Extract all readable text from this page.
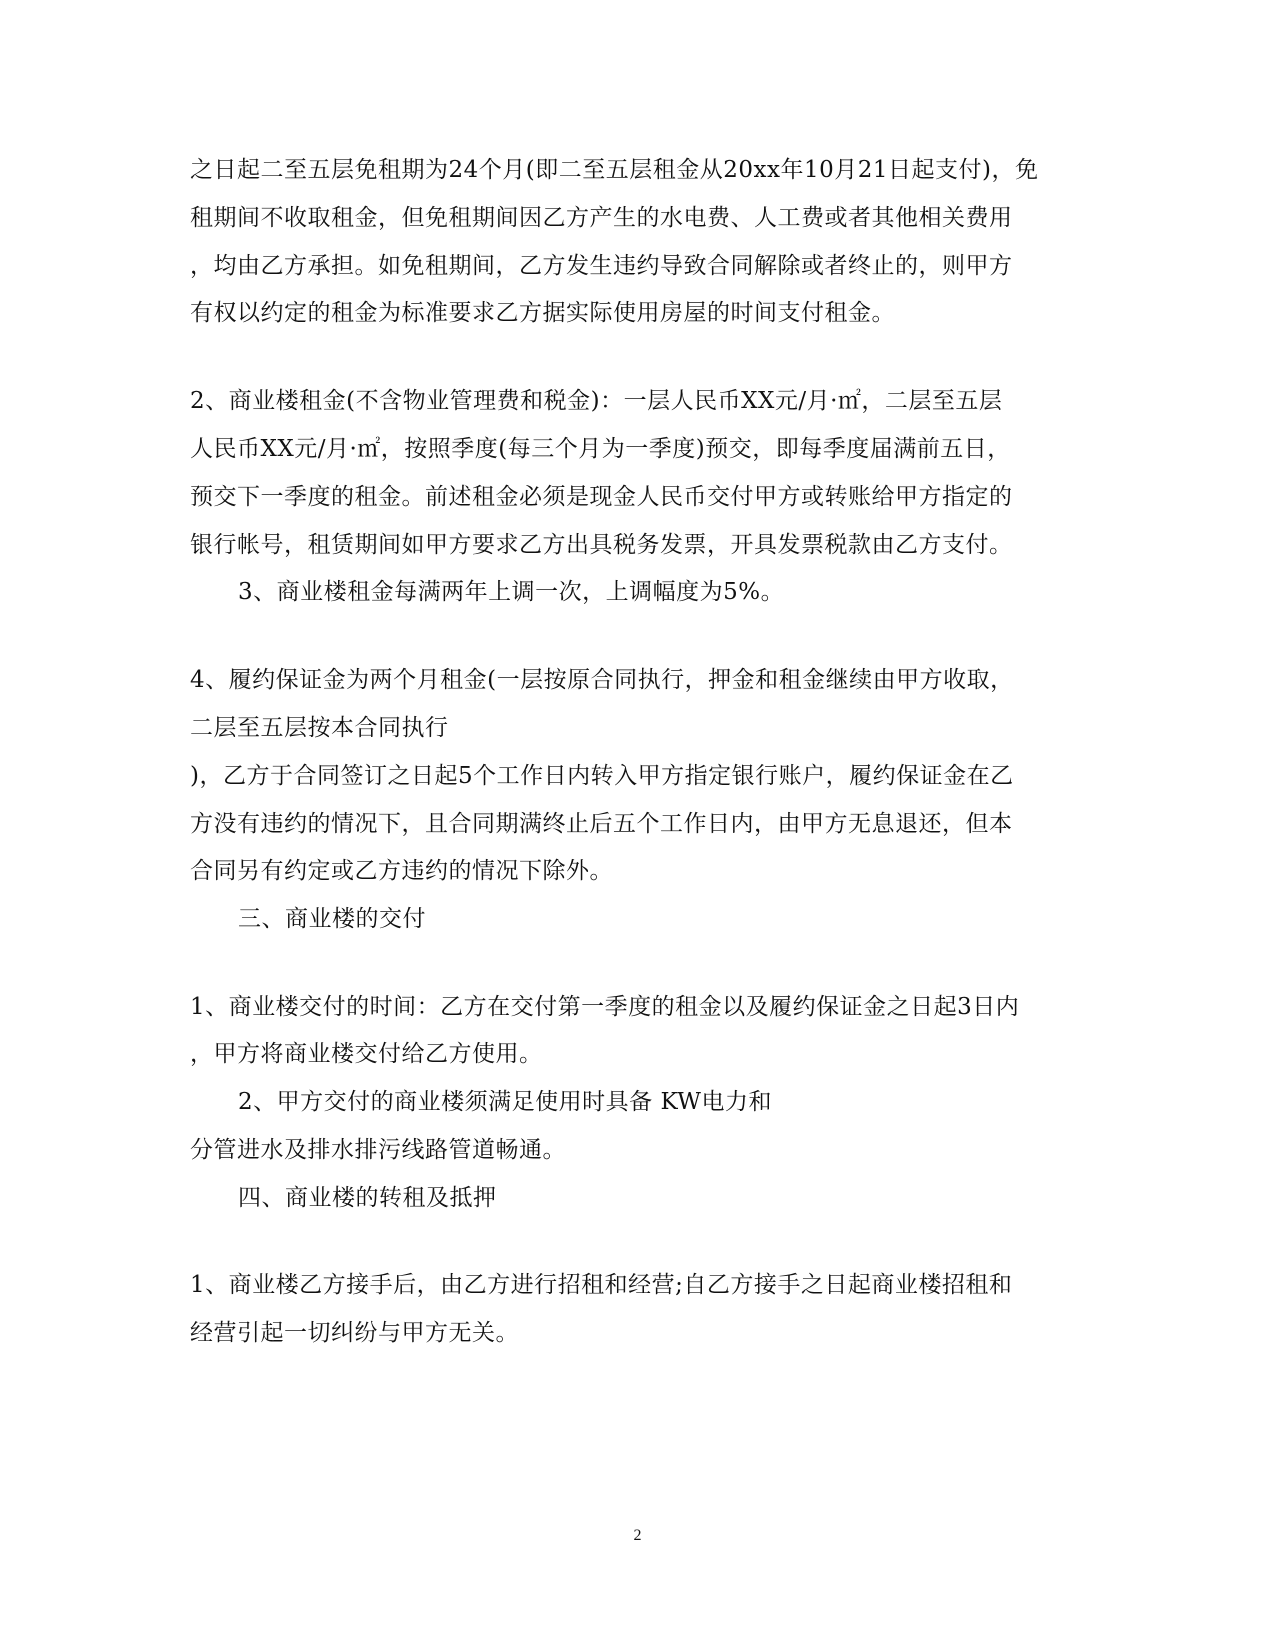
之日起二至五层免租期为24个月(即二至五层租金从20xx年10月21日起支付)，免
租期间不收取租金，但免租期间因乙方产生的水电费、人工费或者其他相关费用
，均由乙方承担。如免租期间，乙方发生违约导致合同解除或者终止的，则甲方
有权以约定的租金为标准要求乙方据实际使用房屋的时间支付租金。
2、商业楼租金(不含物业管理费和税金)：一层人民币XX元/月·㎡，二层至五层
人民币XX元/月·㎡，按照季度(每三个月为一季度)预交，即每季度届满前五日，
预交下一季度的租金。前述租金必须是现金人民币交付甲方或转账给甲方指定的
银行帐号，租赁期间如甲方要求乙方出具税务发票，开具发票税款由乙方支付。
3、商业楼租金每满两年上调一次，上调幅度为5%。
4、履约保证金为两个月租金(一层按原合同执行，押金和租金继续由甲方收取，
二层至五层按本合同执行
)，乙方于合同签订之日起5个工作日内转入甲方指定银行账户，履约保证金在乙
方没有违约的情况下，且合同期满终止后五个工作日内，由甲方无息退还，但本
合同另有约定或乙方违约的情况下除外。
三、商业楼的交付
1、商业楼交付的时间：乙方在交付第一季度的租金以及履约保证金之日起3日内
，甲方将商业楼交付给乙方使用。
2、甲方交付的商业楼须满足使用时具备 KW电力和
分管进水及排水排污线路管道畅通。
四、商业楼的转租及抵押
1、商业楼乙方接手后，由乙方进行招租和经营;自乙方接手之日起商业楼招租和
经营引起一切纠纷与甲方无关。
2
